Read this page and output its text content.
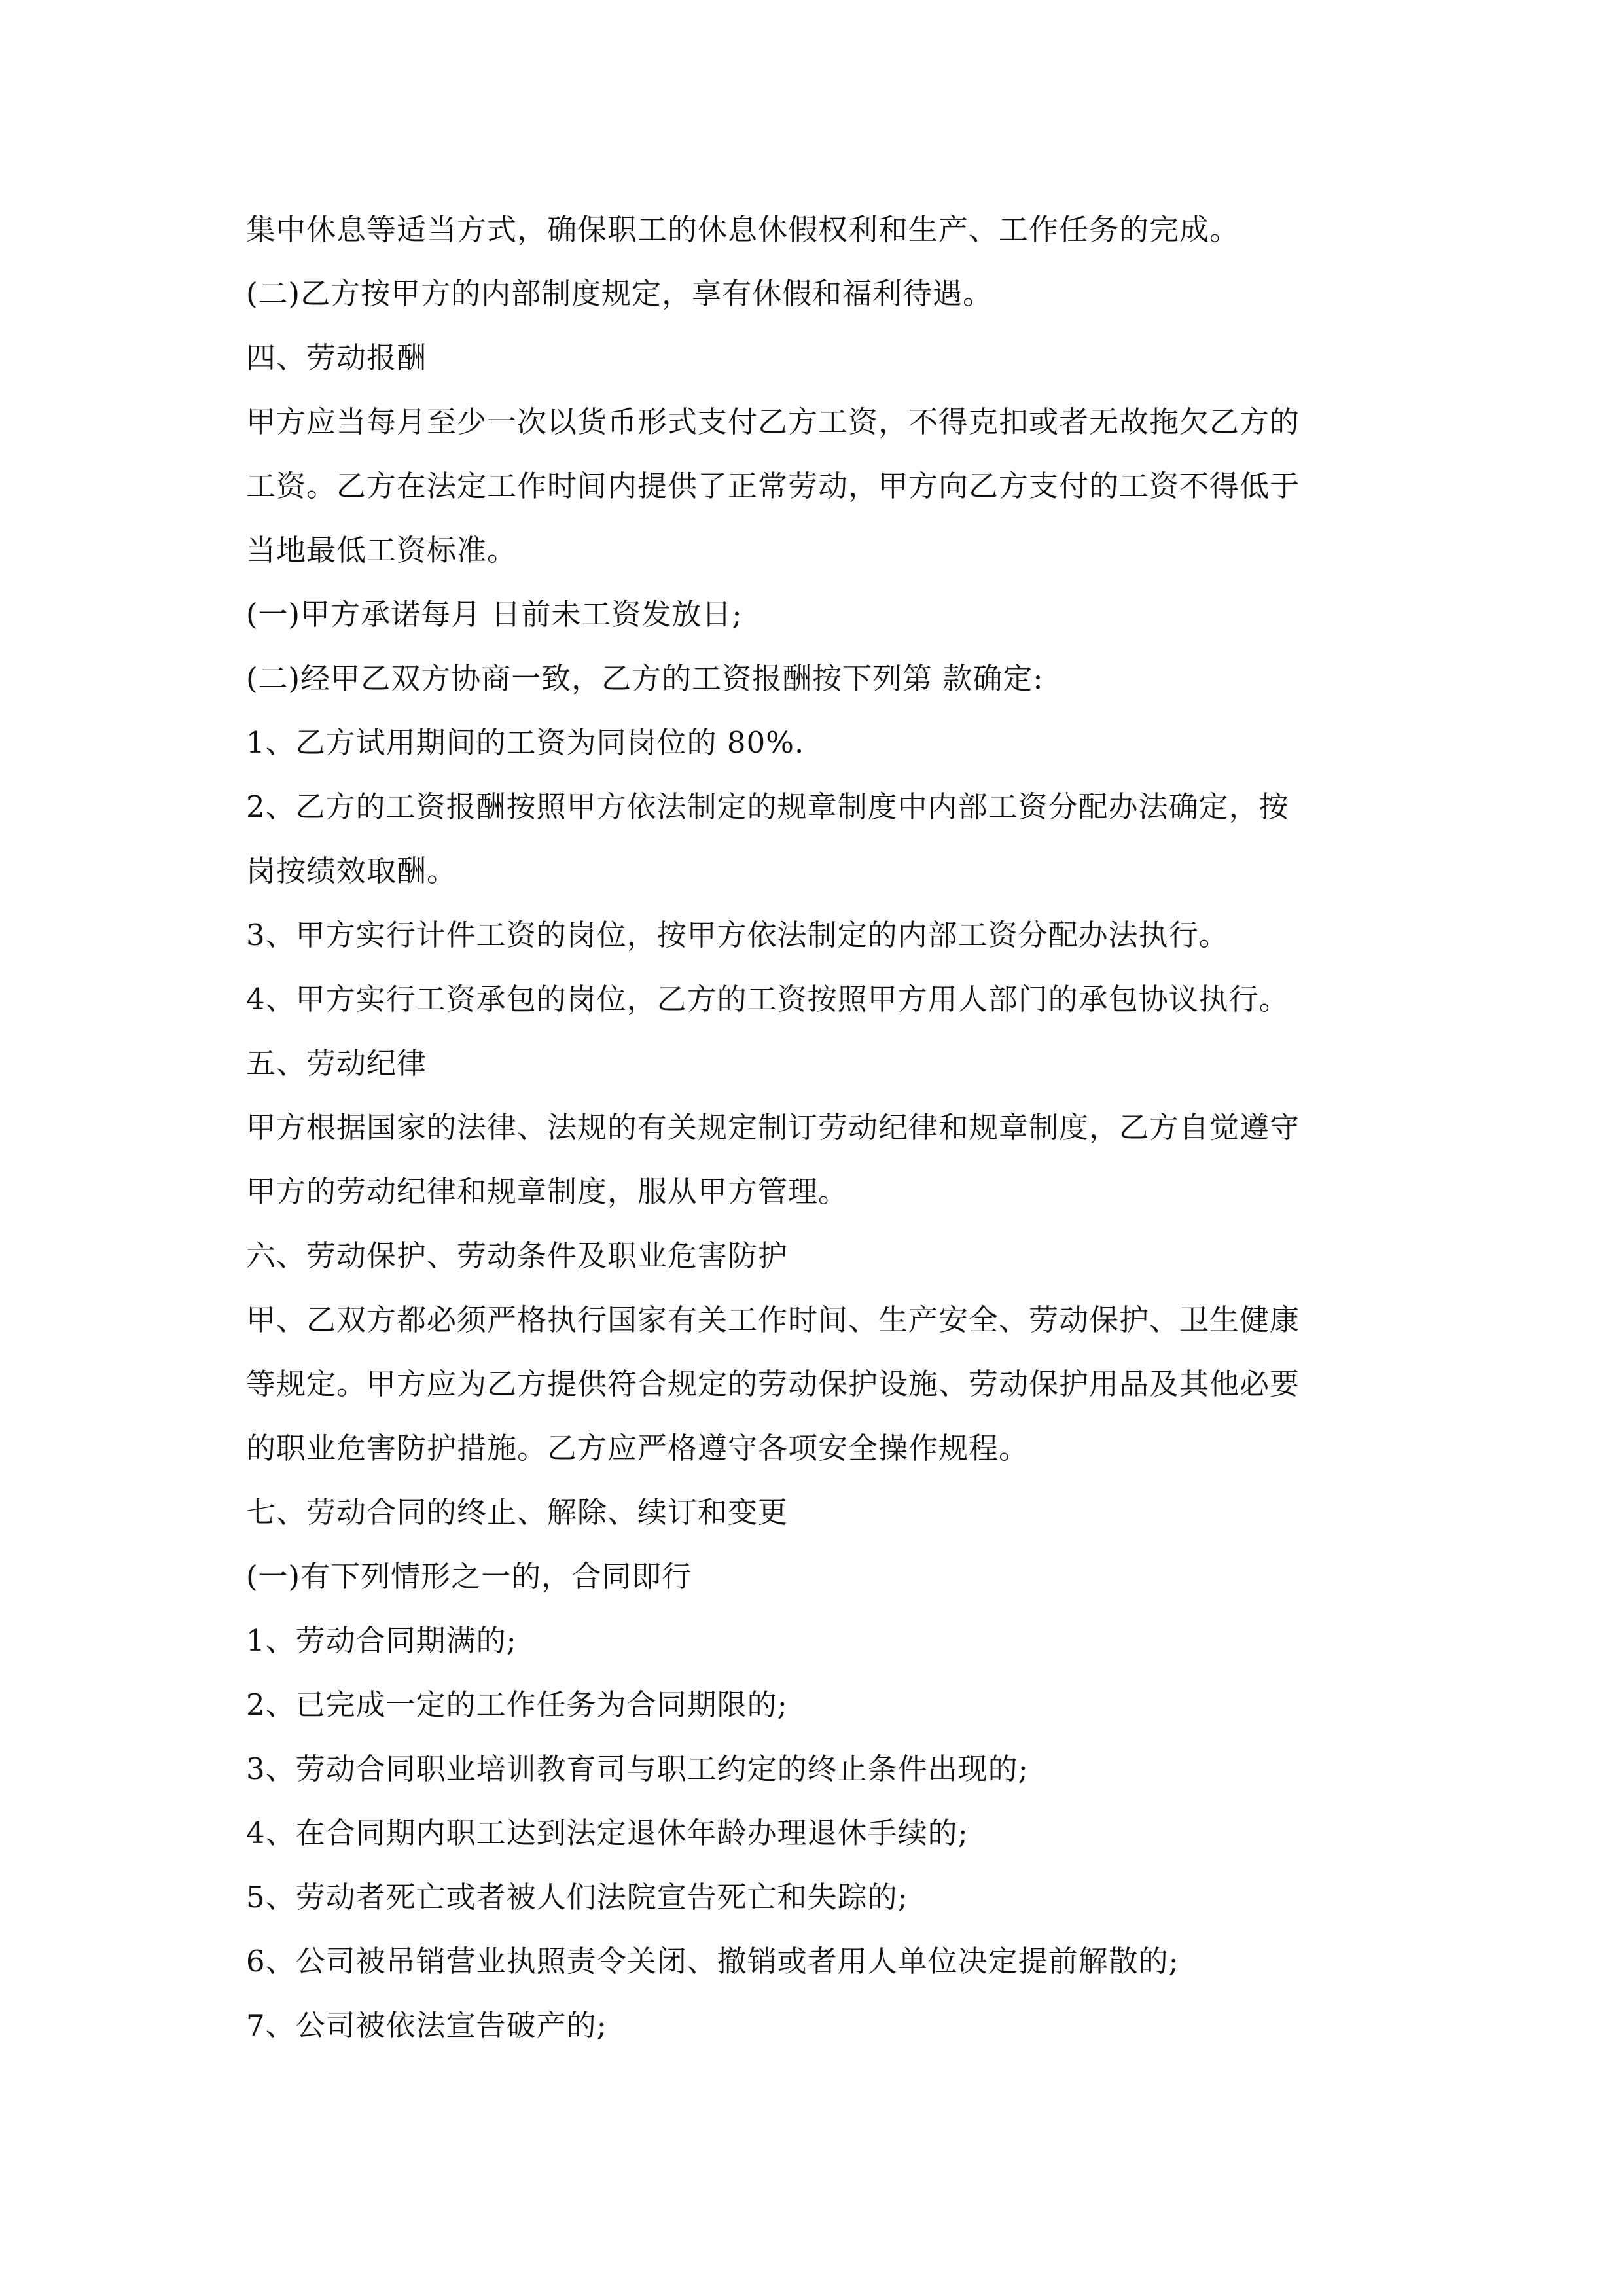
集中休息等适当方式，确保职工的休息休假权利和生产、工作任务的完成。
(二)乙方按甲方的内部制度规定，享有休假和福利待遇。
四、劳动报酬
甲方应当每月至少一次以货币形式支付乙方工资，不得克扣或者无故拖欠乙方的
工资。乙方在法定工作时间内提供了正常劳动，甲方向乙方支付的工资不得低于
当地最低工资标准。
(一)甲方承诺每月 日前未工资发放日;
(二)经甲乙双方协商一致，乙方的工资报酬按下列第 款确定:
1、乙方试用期间的工资为同岗位的 80%.
2、乙方的工资报酬按照甲方依法制定的规章制度中内部工资分配办法确定，按
岗按绩效取酬。
3、甲方实行计件工资的岗位，按甲方依法制定的内部工资分配办法执行。
4、甲方实行工资承包的岗位，乙方的工资按照甲方用人部门的承包协议执行。
五、劳动纪律
甲方根据国家的法律、法规的有关规定制订劳动纪律和规章制度，乙方自觉遵守
甲方的劳动纪律和规章制度，服从甲方管理。
六、劳动保护、劳动条件及职业危害防护
甲、乙双方都必须严格执行国家有关工作时间、生产安全、劳动保护、卫生健康
等规定。甲方应为乙方提供符合规定的劳动保护设施、劳动保护用品及其他必要
的职业危害防护措施。乙方应严格遵守各项安全操作规程。
七、劳动合同的终止、解除、续订和变更
(一)有下列情形之一的，合同即行
1、劳动合同期满的;
2、已完成一定的工作任务为合同期限的;
3、劳动合同职业培训教育司与职工约定的终止条件出现的;
4、在合同期内职工达到法定退休年龄办理退休手续的;
5、劳动者死亡或者被人们法院宣告死亡和失踪的;
6、公司被吊销营业执照责令关闭、撤销或者用人单位决定提前解散的;
7、公司被依法宣告破产的;
